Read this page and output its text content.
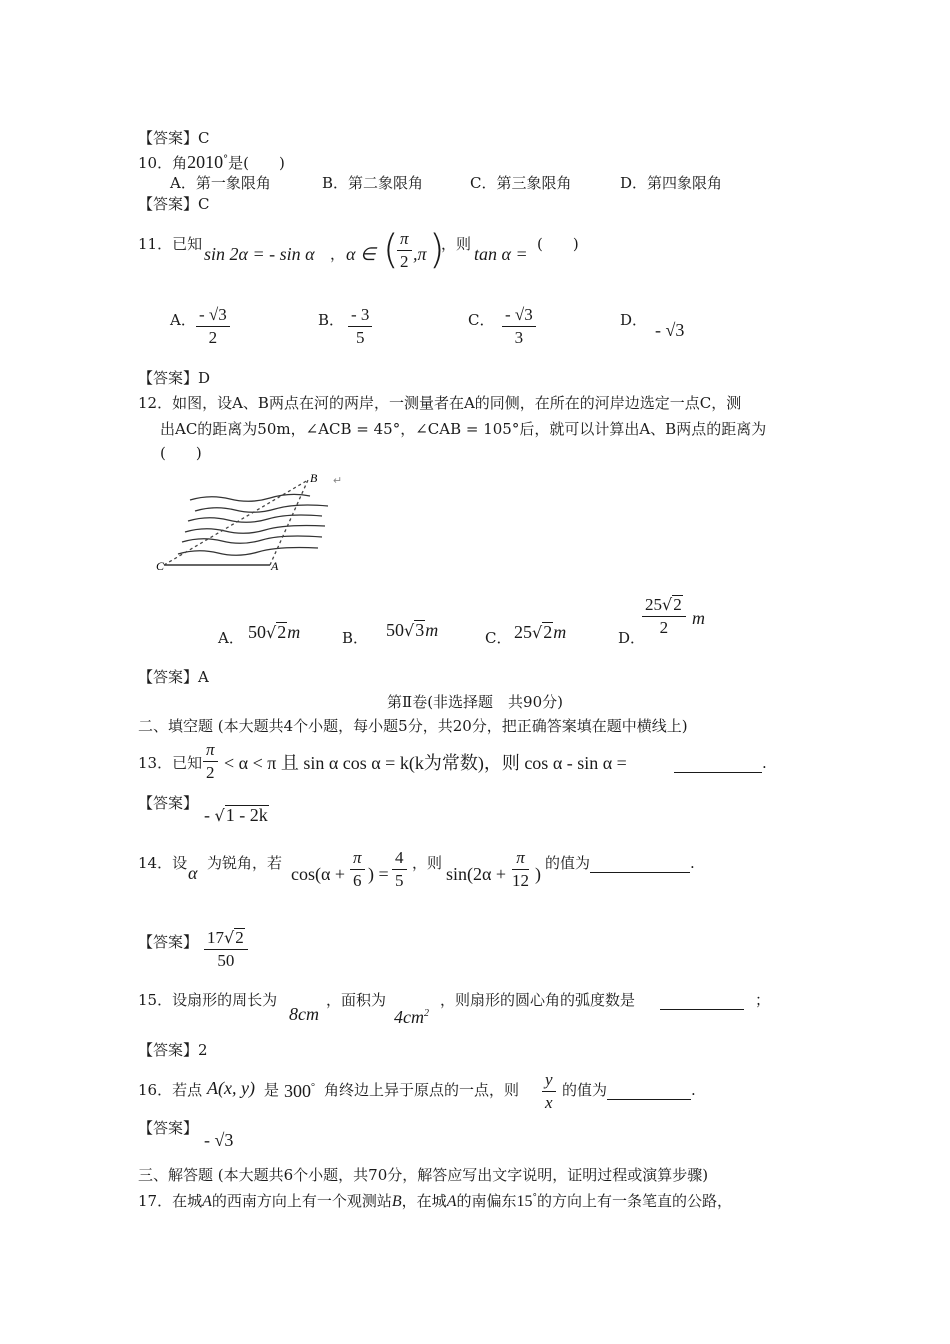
【答案】C
10．角2010°是(　　)
A．第一象限角	B．第二象限角	C．第三象限角	D．第四象限角
【答案】C
11．已知 sin 2α = - sin α ， α ∈ ( π
2 ,π )
，则 tan α = (　　)
A． - √3
2
B． - 3
5
C． - √3
3
D． - √3
【答案】D
12．如图，设A、B两点在河的两岸，一测量者在A的同侧，在所在的河岸边选定一点C，测
出AC的距离为50m，∠ACB = 45°，∠CAB = 105°后，就可以计算出A、B两点的距离为
(　　)
B ↵
C	A
A． 50√2m	B． 50√3m	C． 25√2m	D．
25√2
2 m
【答案】A
第Ⅱ卷(非选择题　共90分)
二、填空题 (本大题共4个小题，每小题5分，共20分，把正确答案填在题中横线上)
13．已知
π
2 < α < π 且 sin α cos α = k(k为常数)，则 cos α - sin α =	.
【答案】
- √1 - 2k
14．设 α 为锐角，若
cos(α +
π
6 ) =
4
5
，则
sin(2α +
π
12 )
的值为	.
【答案】 17√2
50
15．设扇形的周长为
8cm
，面积为
$4cm^2$
，则扇形的圆心角的弧度数是	；
【答案】2
16．若点 A(x, y) 是 300° 角终边上异于原点的一点，则
y
x
的值为	.
【答案】
- √3
三、解答题 (本大题共6个小题，共70分，解答应写出文字说明，证明过程或演算步骤)
17．在城A的西南方向上有一个观测站B，在城A的南偏东15°的方向上有一条笔直的公路，
